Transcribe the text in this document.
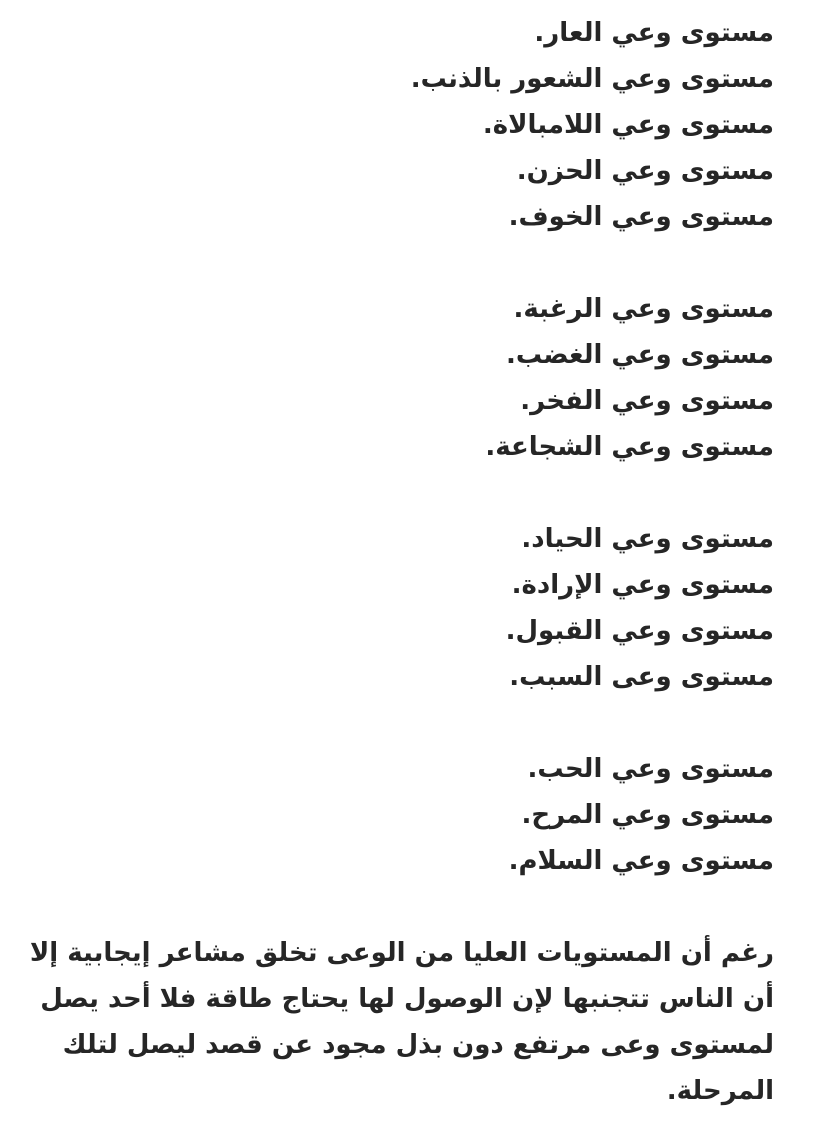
مستوى وعي العار.
مستوى وعي الشعور بالذنب.
مستوى وعي اللامبالاة.
مستوى وعي الحزن.
مستوى وعي الخوف.
مستوى وعي الرغبة.
مستوى وعي الغضب.
مستوى وعي الفخر.
مستوى وعي الشجاعة.
مستوى وعي الحياد.
مستوى وعي الإرادة.
مستوى وعي القبول.
مستوى وعى السبب.
مستوى وعي الحب.
مستوى وعي المرح.
مستوى وعي السلام.
رغم أن المستويات العليا من الوعى تخلق مشاعر إيجابية إلا
أن الناس تتجنبها لإن الوصول لها يحتاج طاقة فلا أحد يصل
لمستوى وعى مرتفع دون بذل مجود عن قصد ليصل لتلك
المرحلة.
